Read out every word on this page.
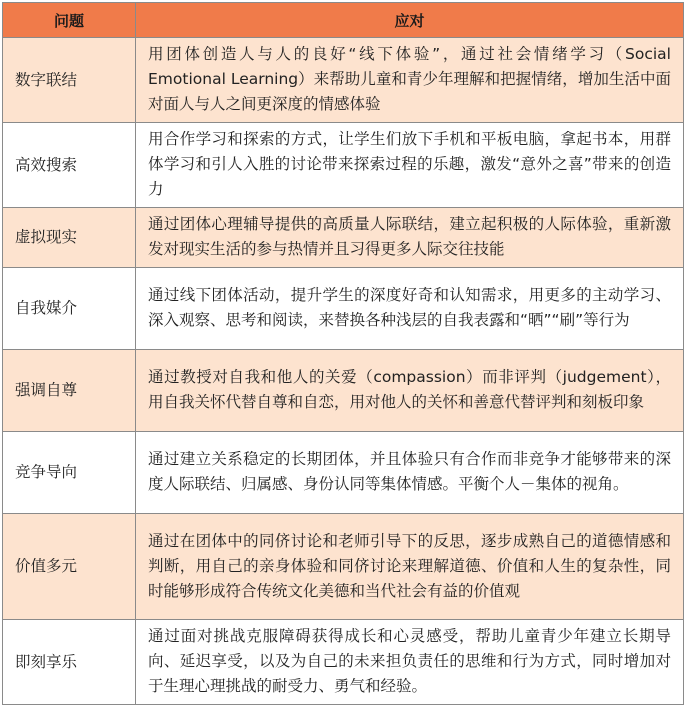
问题	应对
数字联结	用团体创造人与人的良好“线下体验”，通过社会情绪学习（Social Emotional Learning）来帮助儿童和青少年理解和把握情绪，增加生活中面对面人与人之间更深度的情感体验
高效搜索	用合作学习和探索的方式，让学生们放下手机和平板电脑，拿起书本，用群体学习和引人入胜的讨论带来探索过程的乐趣，激发“意外之喜”带来的创造力
虚拟现实	通过团体心理辅导提供的高质量人际联结，建立起积极的人际体验，重新激发对现实生活的参与热情并且习得更多人际交往技能
自我媒介	通过线下团体活动，提升学生的深度好奇和认知需求，用更多的主动学习、深入观察、思考和阅读，来替换各种浅层的自我表露和“晒”“刷”等行为
强调自尊	通过教授对自我和他人的关爱（compassion）而非评判（judgement），用自我关怀代替自尊和自恋，用对他人的关怀和善意代替评判和刻板印象
竞争导向	通过建立关系稳定的长期团体，并且体验只有合作而非竞争才能够带来的深度人际联结、归属感、身份认同等集体情感。平衡个人－集体的视角。
价值多元	通过在团体中的同侪讨论和老师引导下的反思，逐步成熟自己的道德情感和判断，用自己的亲身体验和同侪讨论来理解道德、价值和人生的复杂性，同时能够形成符合传统文化美德和当代社会有益的价值观
即刻享乐	通过面对挑战克服障碍获得成长和心灵感受，帮助儿童青少年建立长期导向、延迟享受，以及为自己的未来担负责任的思维和行为方式，同时增加对于生理心理挑战的耐受力、勇气和经验。
